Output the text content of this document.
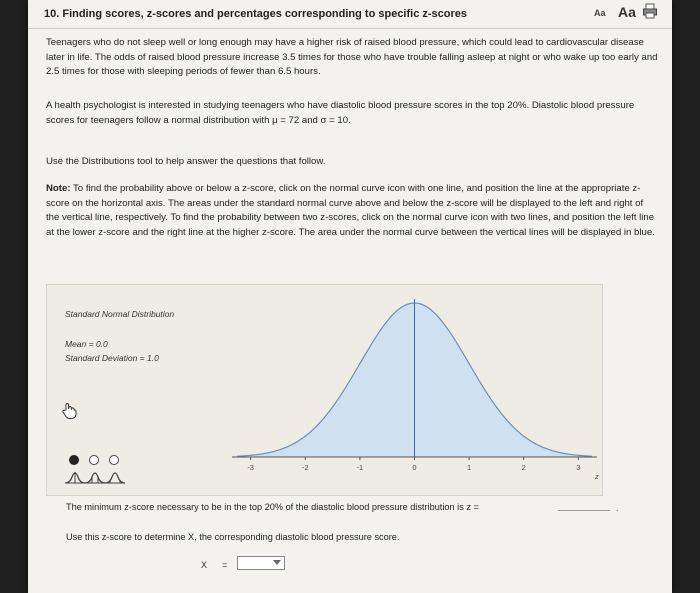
10. Finding scores, z-scores and percentages corresponding to specific z-scores	Aa Aa
Teenagers who do not sleep well or long enough may have a higher risk of raised blood pressure, which could lead to cardiovascular disease later in life. The odds of raised blood pressure increase 3.5 times for those who have trouble falling asleep at night or who wake up too early and 2.5 times for those with sleeping periods of fewer than 6.5 hours.
A health psychologist is interested in studying teenagers who have diastolic blood pressure scores in the top 20%. Diastolic blood pressure scores for teenagers follow a normal distribution with μ = 72 and σ = 10.
Use the Distributions tool to help answer the questions that follow.
Note: To find the probability above or below a z-score, click on the normal curve icon with one line, and position the line at the appropriate z-score on the horizontal axis. The areas under the standard normal curve above and below the z-score will be displayed to the left and right of the vertical line, respectively. To find the probability between two z-scores, click on the normal curve icon with two lines, and position the left line at the lower z-score and the right line at the higher z-score. The area under the normal curve between the vertical lines will be displayed in blue.
Standard Normal Distribution
Mean = 0.0
Standard Deviation = 1.0
-3	-2	-1	0	1	2	3
z
The minimum z-score necessary to be in the top 20% of the diastolic blood pressure distribution is z =	.
Use this z-score to determine X, the corresponding diastolic blood pressure score.
X =
